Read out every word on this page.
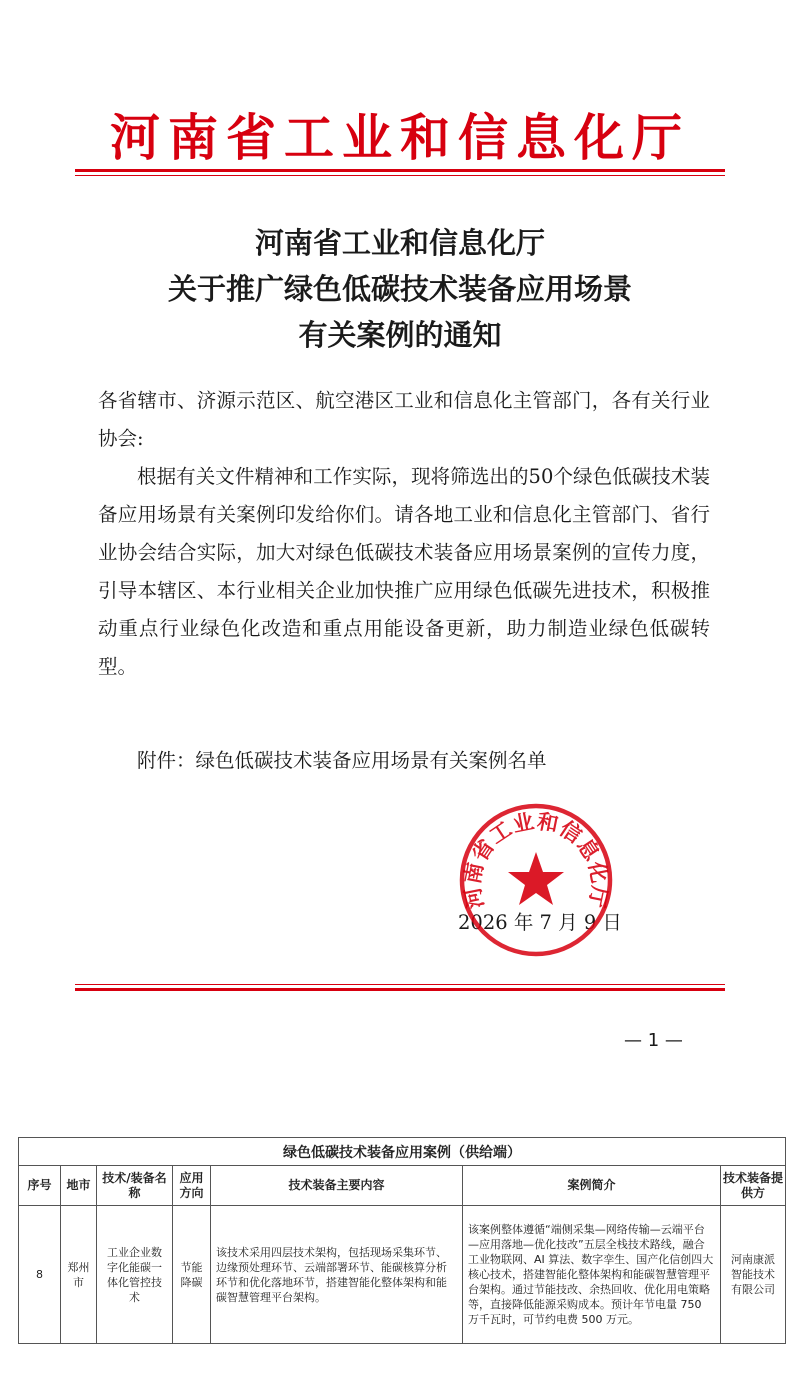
河南省工业和信息化厅
河南省工业和信息化厅
关于推广绿色低碳技术装备应用场景
有关案例的通知
各省辖市、济源示范区、航空港区工业和信息化主管部门，各有关行业协会:
根据有关文件精神和工作实际，现将筛选出的50个绿色低碳技术装备应用场景有关案例印发给你们。请各地工业和信息化主管部门、省行业协会结合实际，加大对绿色低碳技术装备应用场景案例的宣传力度，引导本辖区、本行业相关企业加快推广应用绿色低碳先进技术，积极推动重点行业绿色化改造和重点用能设备更新，助力制造业绿色低碳转型。
附件：绿色低碳技术装备应用场景有关案例名单
2026 年 7 月 9 日
河南省工业和信息化厅
— 1 —
绿色低碳技术装备应用案例（供给端）						
序号	地市	技术/装备名称	应用方向	技术装备主要内容	案例简介	技术装备提供方
8	郑州市	工业企业数字化能碳一体化管控技术	节能降碳	该技术采用四层技术架构，包括现场采集环节、边缘预处理环节、云端部署环节、能碳核算分析环节和优化落地环节，搭建智能化整体架构和能碳智慧管理平台架构。	该案例整体遵循“端侧采集—网络传输—云端平台—应用落地—优化技改”五层全栈技术路线，融合工业物联网、AI 算法、数字孪生、国产化信创四大核心技术，搭建智能化整体架构和能碳智慧管理平台架构。通过节能技改、余热回收、优化用电策略等，直接降低能源采购成本。预计年节电量 750 万千瓦时，可节约电费 500 万元。	河南康派智能技术有限公司
